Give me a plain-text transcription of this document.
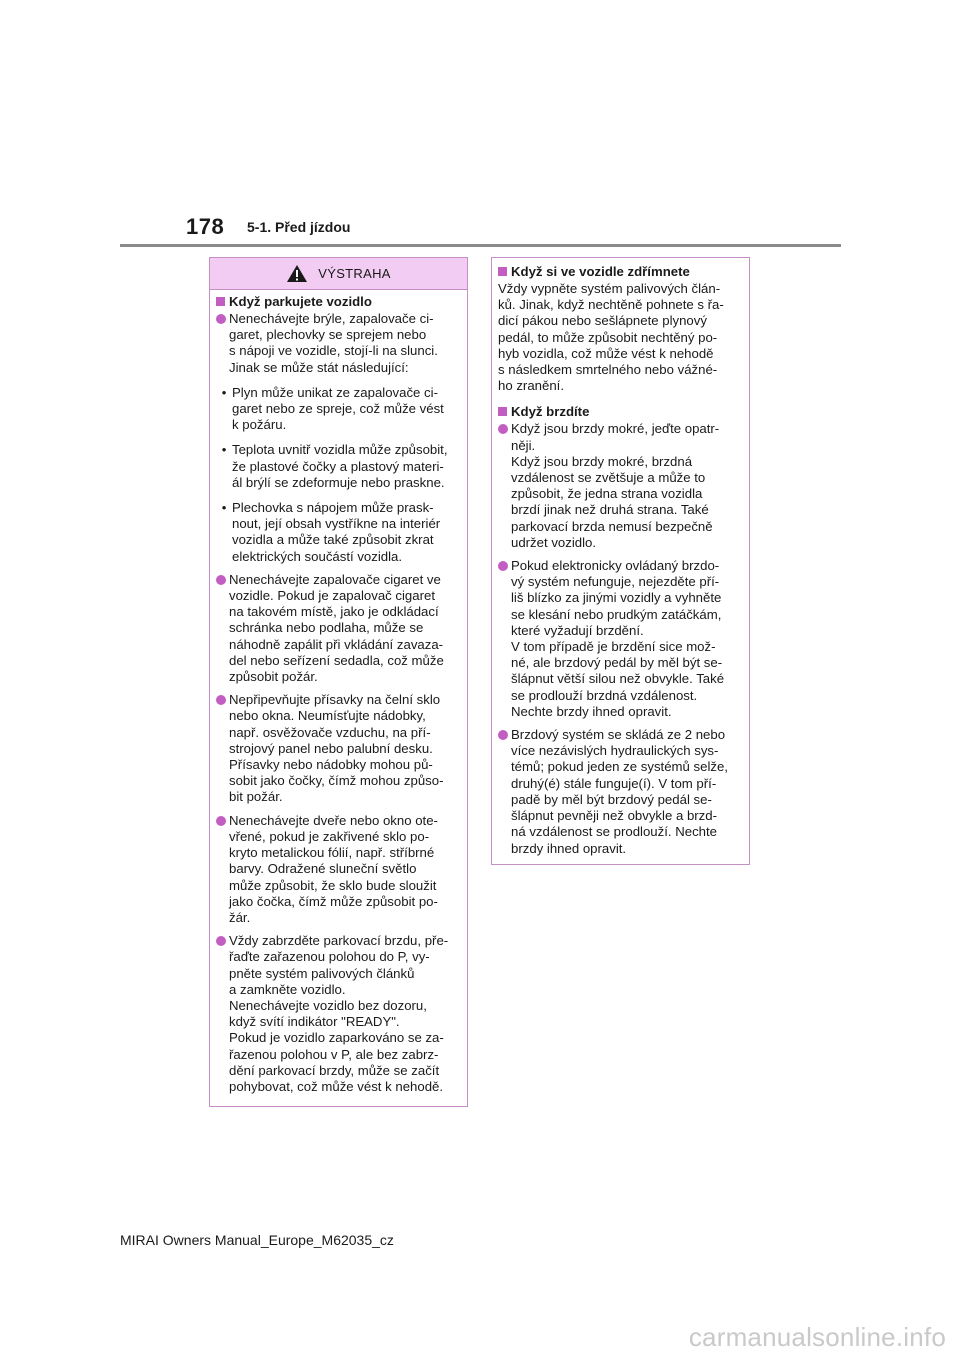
178 5-1. Před jízdou
VÝSTRAHA
Když parkujete vozidlo
Nenechávejte brýle, zapalovače ci-
garet, plechovky se sprejem nebo
s nápoji ve vozidle, stojí-li na slunci.
Jinak se může stát následující:
• Plyn může unikat ze zapalovače ci-
garet nebo ze spreje, což může vést
k požáru.
• Teplota uvnitř vozidla může způsobit,
že plastové čočky a plastový materi-
ál brýlí se zdeformuje nebo praskne.
• Plechovka s nápojem může prask-
nout, její obsah vystříkne na interiér
vozidla a může také způsobit zkrat
elektrických součástí vozidla.
Nenechávejte zapalovače cigaret ve
vozidle. Pokud je zapalovač cigaret
na takovém místě, jako je odkládací
schránka nebo podlaha, může se
náhodně zapálit při vkládání zavaza-
del nebo seřízení sedadla, což může
způsobit požár.
Nepřipevňujte přísavky na čelní sklo
nebo okna. Neumísťujte nádobky,
např. osvěžovače vzduchu, na pří-
strojový panel nebo palubní desku.
Přísavky nebo nádobky mohou pů-
sobit jako čočky, čímž mohou způso-
bit požár.
Nenechávejte dveře nebo okno ote-
vřené, pokud je zakřivené sklo po-
kryto metalickou fólií, např. stříbrné
barvy. Odražené sluneční světlo
může způsobit, že sklo bude sloužit
jako čočka, čímž může způsobit po-
žár.
Vždy zabrzděte parkovací brzdu, pře-
řaďte zařazenou polohou do P, vy-
pněte systém palivových článků
a zamkněte vozidlo.
Nenechávejte vozidlo bez dozoru,
když svítí indikátor "READY".
Pokud je vozidlo zaparkováno se za-
řazenou polohou v P, ale bez zabrz-
dění parkovací brzdy, může se začít
pohybovat, což může vést k nehodě.
Když si ve vozidle zdřímnete
Vždy vypněte systém palivových člán-
ků. Jinak, když nechtěně pohnete s řa-
dicí pákou nebo sešlápnete plynový
pedál, to může způsobit nechtěný po-
hyb vozidla, což může vést k nehodě
s následkem smrtelného nebo vážné-
ho zranění.
Když brzdíte
Když jsou brzdy mokré, jeďte opatr-
něji.
Když jsou brzdy mokré, brzdná
vzdálenost se zvětšuje a může to
způsobit, že jedna strana vozidla
brzdí jinak než druhá strana. Také
parkovací brzda nemusí bezpečně
udržet vozidlo.
Pokud elektronicky ovládaný brzdo-
vý systém nefunguje, nejezděte pří-
liš blízko za jinými vozidly a vyhněte
se klesání nebo prudkým zatáčkám,
které vyžadují brzdění.
V tom případě je brzdění sice mož-
né, ale brzdový pedál by měl být se-
šlápnut větší silou než obvykle. Také
se prodlouží brzdná vzdálenost.
Nechte brzdy ihned opravit.
Brzdový systém se skládá ze 2 nebo
více nezávislých hydraulických sys-
témů; pokud jeden ze systémů selže,
druhý(é) stále funguje(í). V tom pří-
padě by měl být brzdový pedál se-
šlápnut pevněji než obvykle a brzd-
ná vzdálenost se prodlouží. Nechte
brzdy ihned opravit.
MIRAI Owners Manual_Europe_M62035_cz
carmanualsonline.info
